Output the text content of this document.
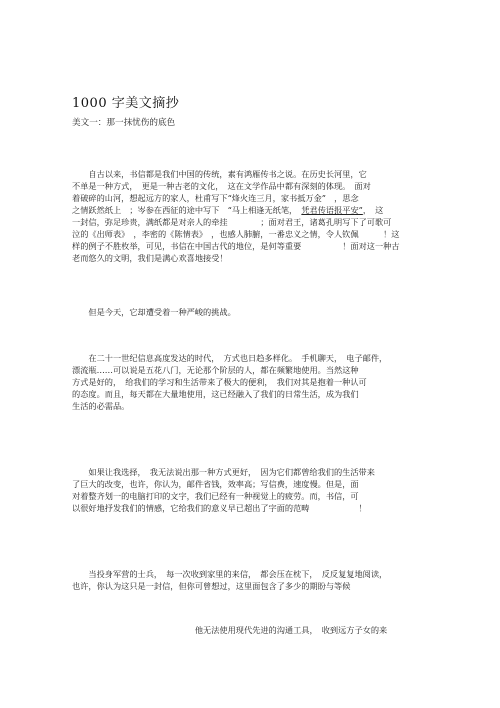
1000 字美文摘抄
美文一：那一抹忧伤的底色
　　自古以来，书信都是我们中国的传统，素有鸿雁传书之说。在历史长河里，它
不单是一种方式，　更是一种古老的文化，　这在文学作品中都有深刻的体现。　面对
着破碎的山河，想起远方的家人，杜甫写下“烽火连三月，家书抵万金”　，思念
之情跃然纸上　；岑参在西征的途中写下　“马上相逢无纸笔，　凭君传语报平安”，　这
一封信，弥足珍贵，满纸都是对亲人的牵挂　　　　；面对君王，诸葛孔明写下了可歌可
泣的《出师表》　，李密的《陈情表》　，也感人肺腑，一番忠义之情，令人钦佩　　　！这
样的例子不胜枚举，可见，书信在中国古代的地位，是何等重要　　　　　！面对这一种古
老而悠久的文明，我们是满心欢喜地接受！
　　但是今天，它却遭受着一种严峻的挑战。
　　在二十一世纪信息高度发达的时代，　方式也日趋多样化。　手机聊天，　电子邮件，
漂流瓶……可以说是五花八门，无论那个阶层的人，都在频繁地使用。当然这种
方式是好的，　给我们的学习和生活带来了极大的便利，　我们对其是抱着一种认可
的态度。而且，每天都在大量地使用，这已经融入了我们的日常生活，成为我们
生活的必需品。
　　如果让我选择，　我无法说出那一种方式更好，　因为它们都曾给我们的生活带来
了巨大的改变，也许，你认为，邮件省钱，效率高；写信费，速度慢。但是，面
对着整齐划一的电脑打印的文字，我们已经有一种视觉上的疲劳。而，书信，可
以很好地抒发我们的情感，它给我们的意义早已超出了字面的范畴　　　　　　！
　　当投身军营的士兵，　每一次收到家里的来信，　都会压在枕下，　反反复复地阅读，
也许，你认为这只是一封信，但你可曾想过，这里面包含了多少的期盼与等候
　　　　　　　　　　　　　　　他无法使用现代先进的沟通工具，　收到远方子女的来
